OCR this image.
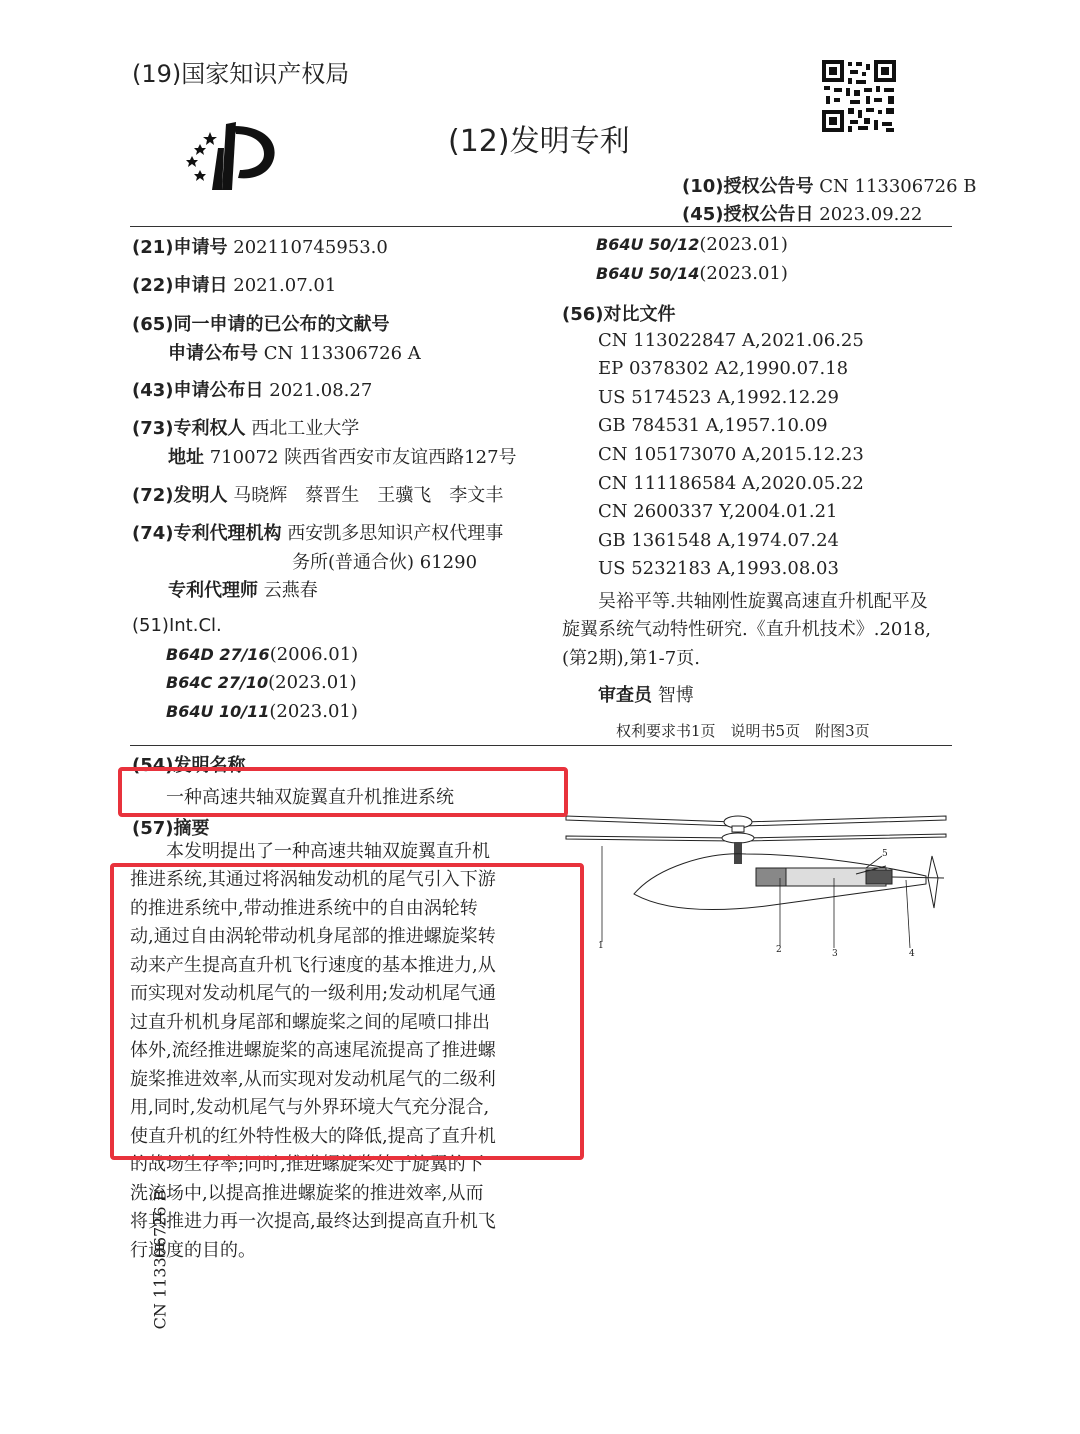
(19)国家知识产权局
(12)发明专利
(10)授权公告号 CN 113306726 B
(45)授权公告日 2023.09.22
(21)申请号 202110745953.0
(22)申请日 2021.07.01
(65)同一申请的已公布的文献号
申请公布号 CN 113306726 A
(43)申请公布日 2021.08.27
(73)专利权人 西北工业大学
地址 710072 陕西省西安市友谊西路127号
(72)发明人 马晓辉　蔡晋生　王骥飞　李文丰
(74)专利代理机构 西安凯多思知识产权代理事
务所(普通合伙) 61290
专利代理师 云燕春
(51)Int.Cl.
B64D 27/16(2006.01)
B64C 27/10(2023.01)
B64U 10/11(2023.01)
B64U 50/12(2023.01)
B64U 50/14(2023.01)
(56)对比文件
CN 113022847 A,2021.06.25
EP 0378302 A2,1990.07.18
US 5174523 A,1992.12.29
GB 784531 A,1957.10.09
CN 105173070 A,2015.12.23
CN 111186584 A,2020.05.22
CN 2600337 Y,2004.01.21
GB 1361548 A,1974.07.24
US 5232183 A,1993.08.03
吴裕平等.共轴刚性旋翼高速直升机配平及
旋翼系统气动特性研究.《直升机技术》.2018,
(第2期),第1-7页.
审查员 智博
权利要求书1页　说明书5页　附图3页
(54)发明名称
一种高速共轴双旋翼直升机推进系统
(57)摘要
　　本发明提出了一种高速共轴双旋翼直升机
推进系统,其通过将涡轴发动机的尾气引入下游
的推进系统中,带动推进系统中的自由涡轮转
动,通过自由涡轮带动机身尾部的推进螺旋桨转
动来产生提高直升机飞行速度的基本推进力,从
而实现对发动机尾气的一级利用;发动机尾气通
过直升机机身尾部和螺旋桨之间的尾喷口排出
体外,流经推进螺旋桨的高速尾流提高了推进螺
旋桨推进效率,从而实现对发动机尾气的二级利
用,同时,发动机尾气与外界环境大气充分混合,
使直升机的红外特性极大的降低,提高了直升机
的战场生存率;同时,推进螺旋桨处于旋翼的下
洗流场中,以提高推进螺旋桨的推进效率,从而
将其推进力再一次提高,最终达到提高直升机飞
行速度的目的。
CN 113306726 B
1	2	3	4
5
